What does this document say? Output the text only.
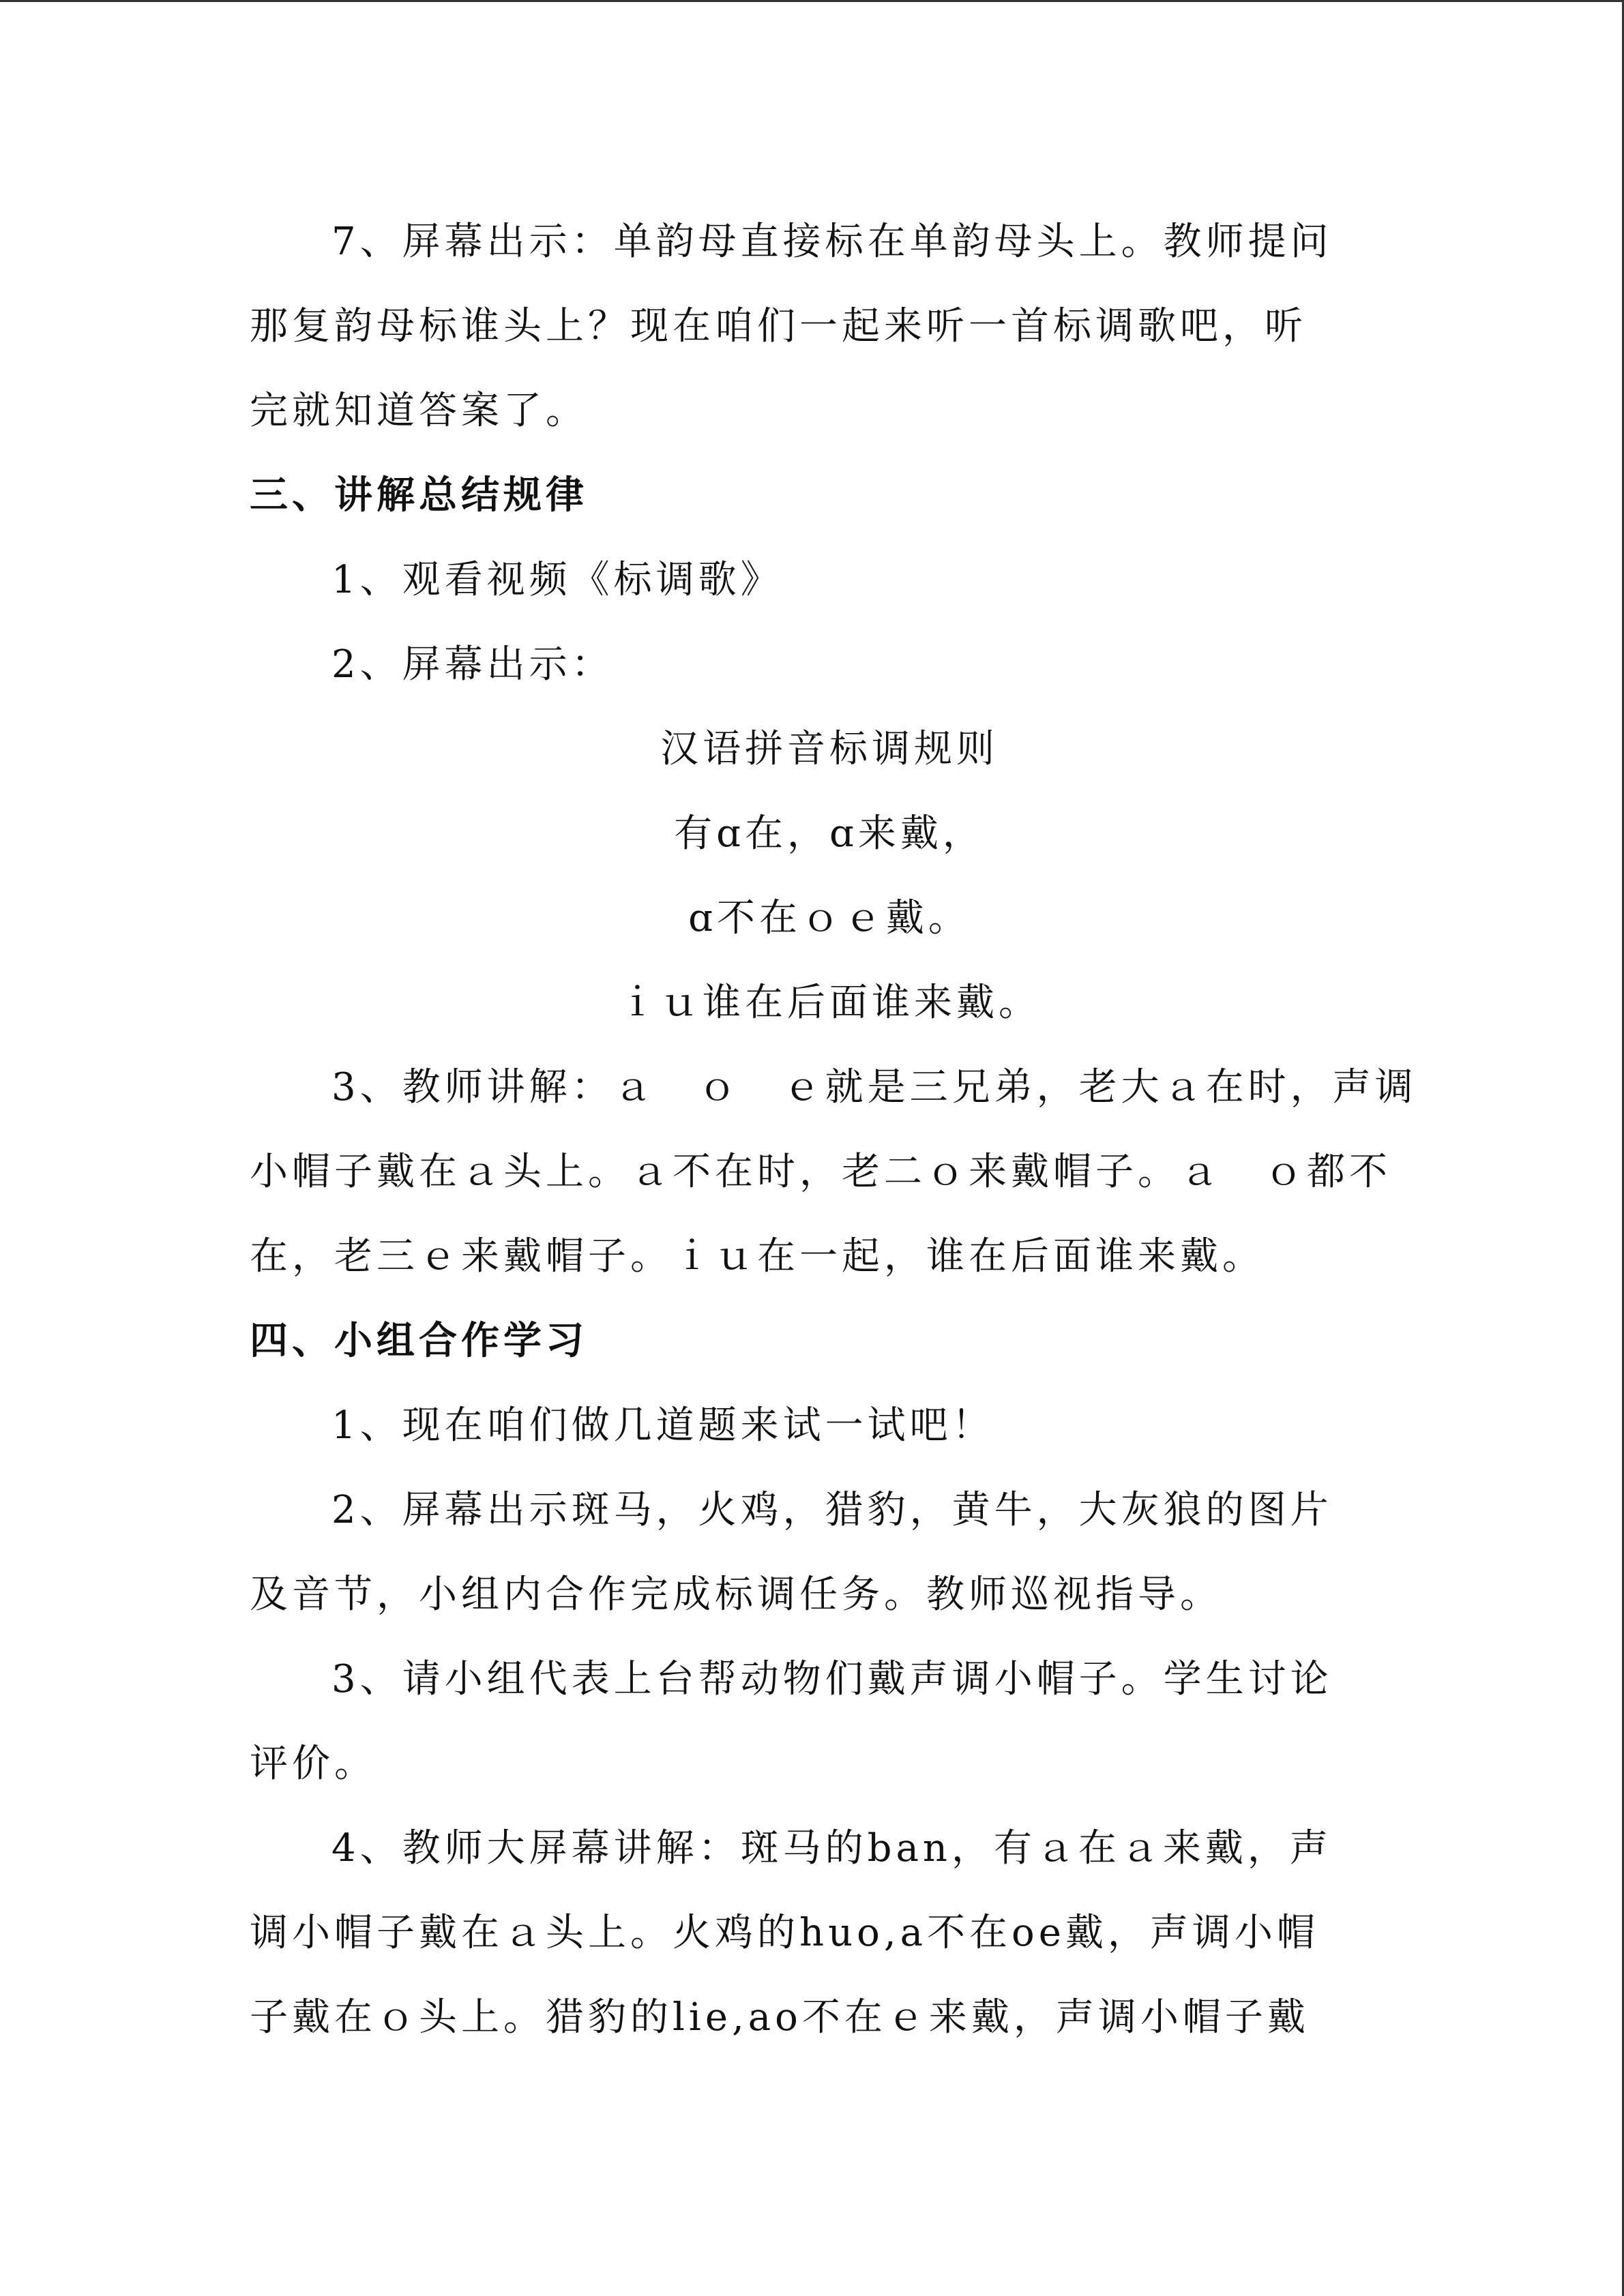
7、屏幕出示：单韵母直接标在单韵母头上。教师提问
那复韵母标谁头上？现在咱们一起来听一首标调歌吧，听
完就知道答案了。
三、讲解总结规律
1、观看视频《标调歌》
2、屏幕出示：
汉语拼音标调规则
有ɑ在，ɑ来戴，
ɑ不在ｏｅ戴。
ｉｕ谁在后面谁来戴。
3、教师讲解：ａ　ｏ　ｅ就是三兄弟，老大ａ在时，声调
小帽子戴在ａ头上。ａ不在时，老二ｏ来戴帽子。ａ　ｏ都不
在，老三ｅ来戴帽子。ｉｕ在一起，谁在后面谁来戴。
四、小组合作学习
1、现在咱们做几道题来试一试吧！
2、屏幕出示斑马，火鸡，猎豹，黄牛，大灰狼的图片
及音节，小组内合作完成标调任务。教师巡视指导。
3、请小组代表上台帮动物们戴声调小帽子。学生讨论
评价。
4、教师大屏幕讲解：斑马的ban，有ａ在ａ来戴，声
调小帽子戴在ａ头上。火鸡的huo,a不在oe戴，声调小帽
子戴在ｏ头上。猎豹的lie,ao不在ｅ来戴，声调小帽子戴
